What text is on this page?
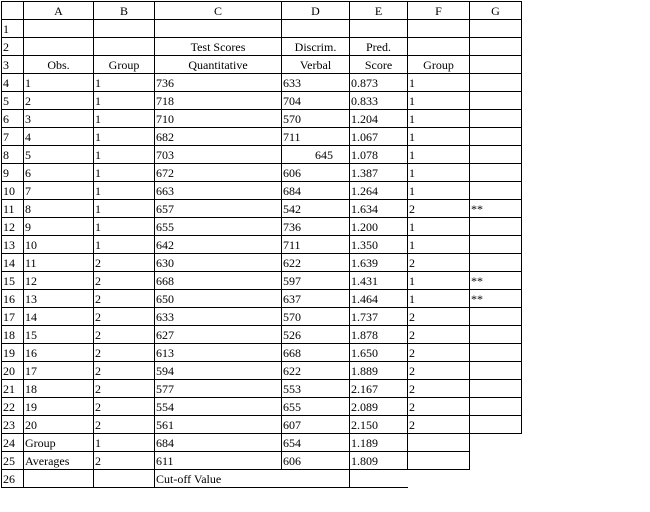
	A	B	C	D	E	F	G
1							
2			Test Scores	Discrim.	Pred.		
3	Obs.	Group	Quantitative	Verbal	Score	Group	
4	1	1	736	633	0.873	1	
5	2	1	718	704	0.833	1	
6	3	1	710	570	1.204	1	
7	4	1	682	711	1.067	1	
8	5	1	703	645	1.078	1	
9	6	1	672	606	1.387	1	
10	7	1	663	684	1.264	1	
11	8	1	657	542	1.634	2	**
12	9	1	655	736	1.200	1	
13	10	1	642	711	1.350	1	
14	11	2	630	622	1.639	2	
15	12	2	668	597	1.431	1	**
16	13	2	650	637	1.464	1	**
17	14	2	633	570	1.737	2	
18	15	2	627	526	1.878	2	
19	16	2	613	668	1.650	2	
20	17	2	594	622	1.889	2	
21	18	2	577	553	2.167	2	
22	19	2	554	655	2.089	2	
23	20	2	561	607	2.150	2	
24	Group	1	684	654	1.189		
25	Averages	2	611	606	1.809		
26			Cut-off Value				
